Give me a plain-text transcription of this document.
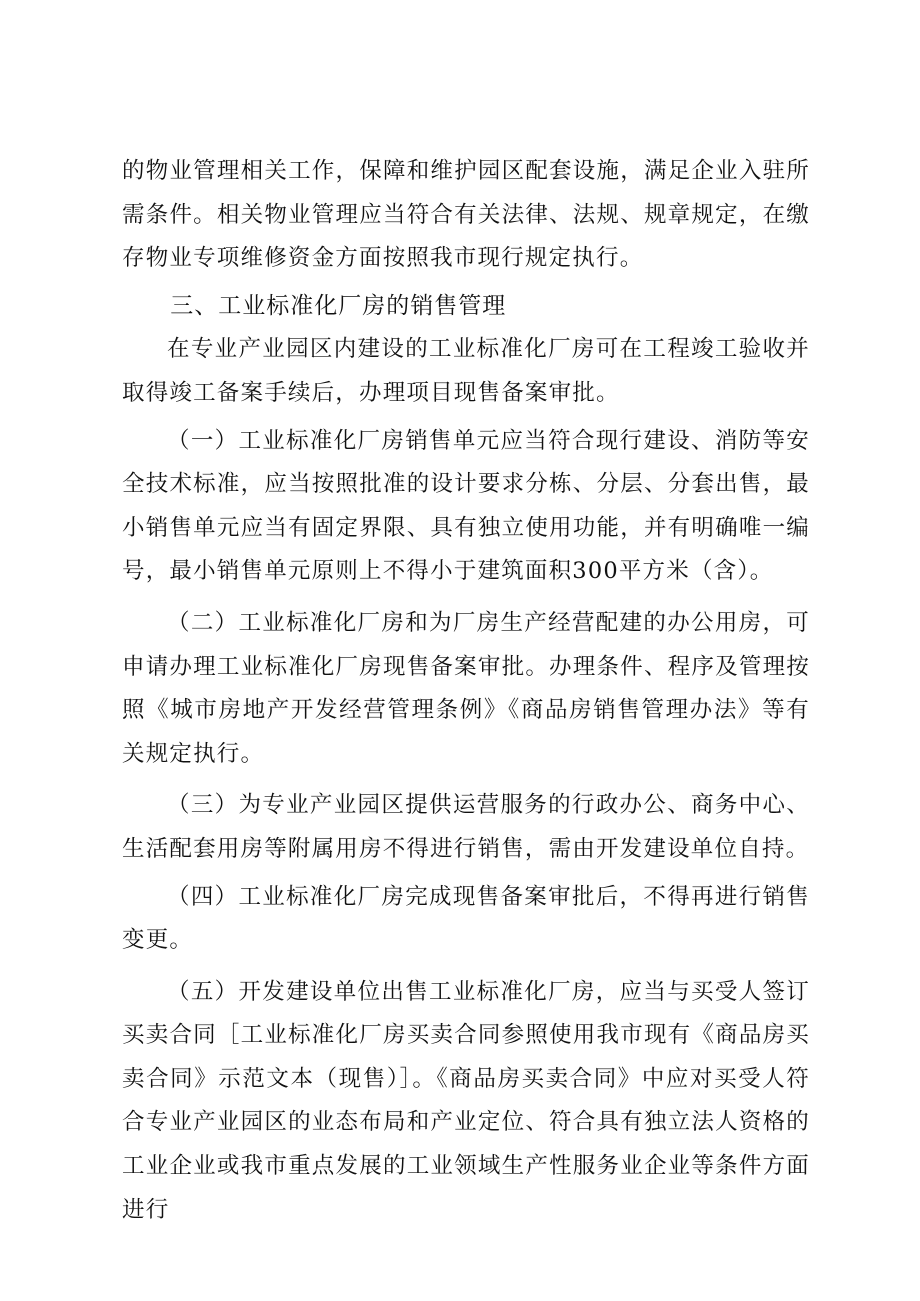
的物业管理相关工作，保障和维护园区配套设施，满足企业入驻所需条件。相关物业管理应当符合有关法律、法规、规章规定，在缴存物业专项维修资金方面按照我市现行规定执行。

三、工业标准化厂房的销售管理

在专业产业园区内建设的工业标准化厂房可在工程竣工验收并取得竣工备案手续后，办理项目现售备案审批。

（一）工业标准化厂房销售单元应当符合现行建设、消防等安全技术标准，应当按照批准的设计要求分栋、分层、分套出售，最小销售单元应当有固定界限、具有独立使用功能，并有明确唯一编号，最小销售单元原则上不得小于建筑面积300平方米（含）。

（二）工业标准化厂房和为厂房生产经营配建的办公用房，可申请办理工业标准化厂房现售备案审批。办理条件、程序及管理按照《城市房地产开发经营管理条例》《商品房销售管理办法》等有关规定执行。

（三）为专业产业园区提供运营服务的行政办公、商务中心、生活配套用房等附属用房不得进行销售，需由开发建设单位自持。

（四）工业标准化厂房完成现售备案审批后，不得再进行销售变更。

（五）开发建设单位出售工业标准化厂房，应当与买受人签订买卖合同［工业标准化厂房买卖合同参照使用我市现有《商品房买卖合同》示范文本（现售）］。《商品房买卖合同》中应对买受人符合专业产业园区的业态布局和产业定位、符合具有独立法人资格的工业企业或我市重点发展的工业领域生产性服务业企业等条件方面进行
